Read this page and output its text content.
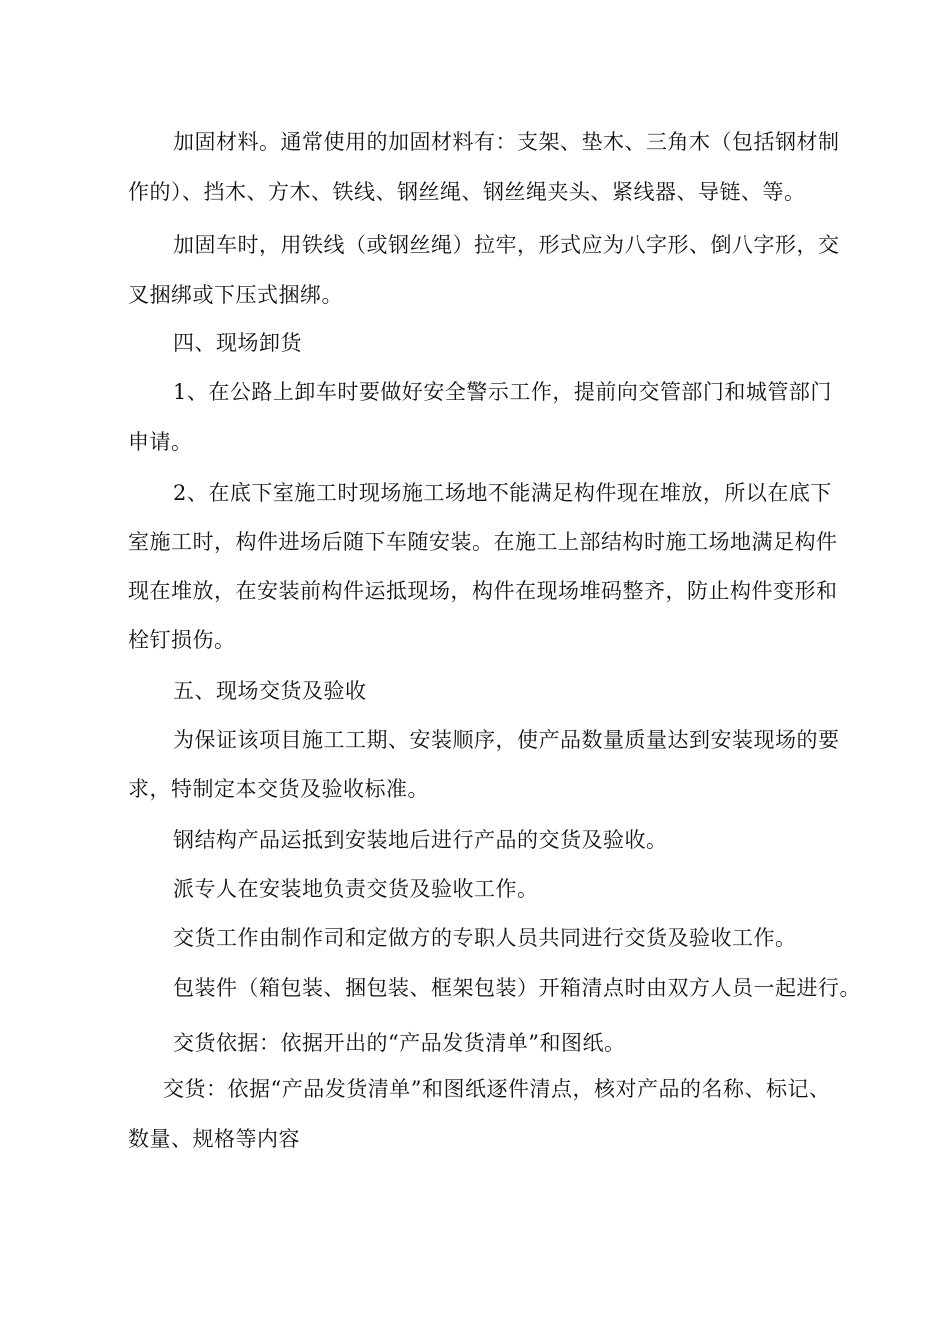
加固材料。通常使用的加固材料有：支架、垫木、三角木（包括钢材制
作的）、挡木、方木、铁线、钢丝绳、钢丝绳夹头、紧线器、导链、等。
加固车时，用铁线（或钢丝绳）拉牢，形式应为八字形、倒八字形，交
叉捆绑或下压式捆绑。
四、现场卸货
1、在公路上卸车时要做好安全警示工作，提前向交管部门和城管部门
申请。
2、在底下室施工时现场施工场地不能满足构件现在堆放，所以在底下
室施工时，构件进场后随下车随安装。在施工上部结构时施工场地满足构件
现在堆放，在安装前构件运抵现场，构件在现场堆码整齐，防止构件变形和
栓钉损伤。
五、现场交货及验收
为保证该项目施工工期、安装顺序，使产品数量质量达到安装现场的要
求，特制定本交货及验收标准。
钢结构产品运抵到安装地后进行产品的交货及验收。
派专人在安装地负责交货及验收工作。
交货工作由制作司和定做方的专职人员共同进行交货及验收工作。
包装件（箱包装、捆包装、框架包装）开箱清点时由双方人员一起进行。
交货依据：依据开出的“产品发货清单”和图纸。
交货：依据“产品发货清单”和图纸逐件清点，核对产品的名称、标记、
数量、规格等内容
